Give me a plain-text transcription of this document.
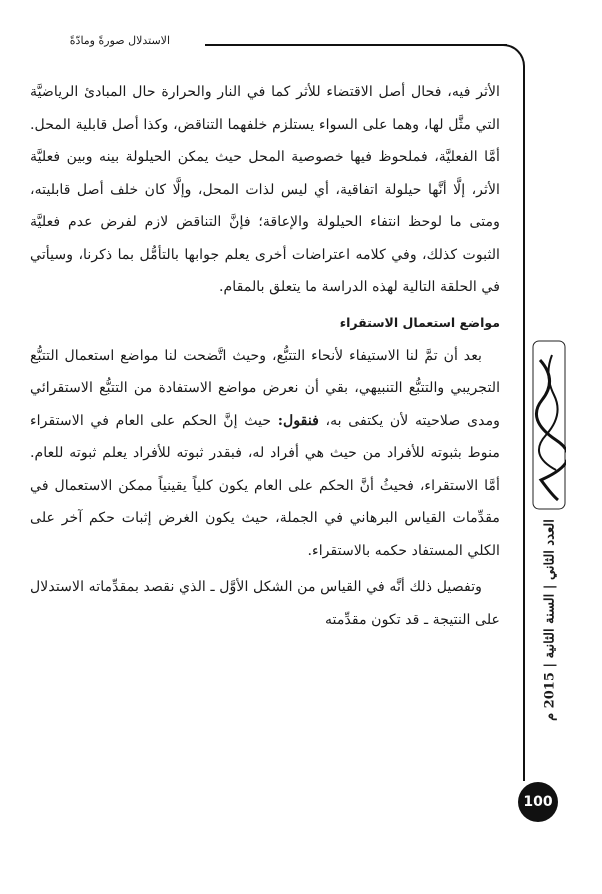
الاستدلال صورةً ومادّةً

الأثر فيه، فحال أصل الاقتضاء للأثر كما في النار والحرارة حال المبادئ الرياضيَّة التي مثَّل لها، وهما على السواء يستلزم خلفهما التناقض، وكذا أصل قابلية المحل. أمَّا الفعليَّة، فملحوظ فيها خصوصية المحل حيث يمكن الحيلولة بينه وبين فعليَّة الأثر، إلَّا أنَّها حيلولة اتفاقية، أي ليس لذات المحل، وإلَّا كان خلف أصل قابليته، ومتى ما لوحظ انتفاء الحيلولة والإعاقة؛ فإنَّ التناقض لازم لفرض عدم فعليَّة الثبوت كذلك، وفي كلامه اعتراضات أخرى يعلم جوابها بالتأمُّل بما ذكرنا، وسيأتي في الحلقة التالية لهذه الدراسة ما يتعلق بالمقام.

مواضع استعمال الاستقراء

بعد أن تمَّ لنا الاستيفاء لأنحاء التتبُّع، وحيث اتَّضحت لنا مواضع استعمال التتبُّع التجريبي والتتبُّع التنبيهي، بقي أن نعرض مواضع الاستفادة من التتبُّع الاستقرائي ومدى صلاحيته لأن يكتفى به، فنقول: حيث إنَّ الحكم على العام في الاستقراء منوط بثبوته للأفراد من حيث هي أفراد له، فبقدر ثبوته للأفراد يعلم ثبوته للعام. أمَّا الاستقراء، فحيثُ أنَّ الحكم على العام يكون كلياً يقينياً ممكن الاستعمال في مقدِّمات القياس البرهاني في الجملة، حيث يكون الغرض إثبات حكم آخر على الكلي المستفاد حكمه بالاستقراء.

وتفصيل ذلك أنَّه في القياس من الشكل الأوَّل ـ الذي نقصد بمقدِّماته الاستدلال على النتيجة ـ قد تكون مقدِّمته

المعرفة العقلية
العدد الثاني | السنة الثانية | 2015 م
100
